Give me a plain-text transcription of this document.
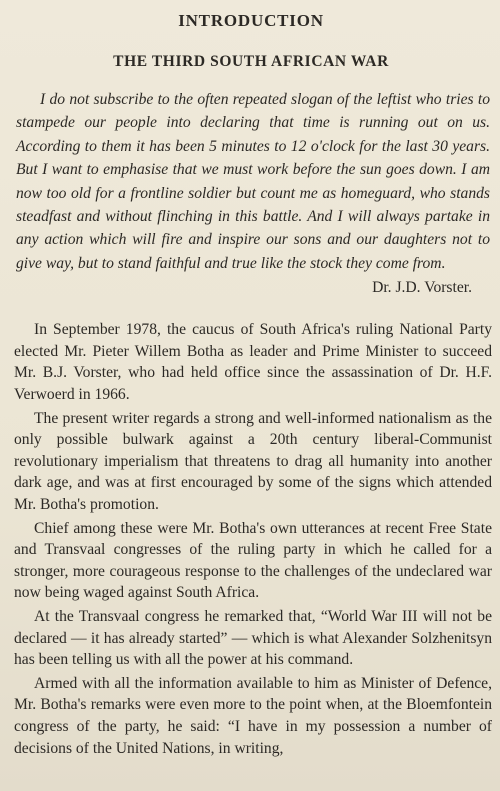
INTRODUCTION
THE THIRD SOUTH AFRICAN WAR

I do not subscribe to the often repeated slogan of the leftist who tries to stampede our people into declaring that time is running out on us. According to them it has been 5 minutes to 12 o'clock for the last 30 years. But I want to emphasise that we must work before the sun goes down. I am now too old for a frontline soldier but count me as homeguard, who stands steadfast and without flinching in this battle. And I will always partake in any action which will fire and inspire our sons and our daughters not to give way, but to stand faithful and true like the stock they come from.

Dr. J.D. Vorster.

In September 1978, the caucus of South Africa's ruling National Party elected Mr. Pieter Willem Botha as leader and Prime Minister to succeed Mr. B.J. Vorster, who had held office since the assassination of Dr. H.F. Verwoerd in 1966.

The present writer regards a strong and well-informed nationalism as the only possible bulwark against a 20th century liberal-Communist revolutionary imperialism that threatens to drag all humanity into another dark age, and was at first encouraged by some of the signs which attended Mr. Botha's promotion.

Chief among these were Mr. Botha's own utterances at recent Free State and Transvaal congresses of the ruling party in which he called for a stronger, more courageous response to the challenges of the undeclared war now being waged against South Africa.

At the Transvaal congress he remarked that, “World War III will not be declared — it has already started” — which is what Alexander Solzhenitsyn has been telling us with all the power at his command.

Armed with all the information available to him as Minister of Defence, Mr. Botha's remarks were even more to the point when, at the Bloemfontein congress of the party, he said: “I have in my possession a number of decisions of the United Nations, in writing,
